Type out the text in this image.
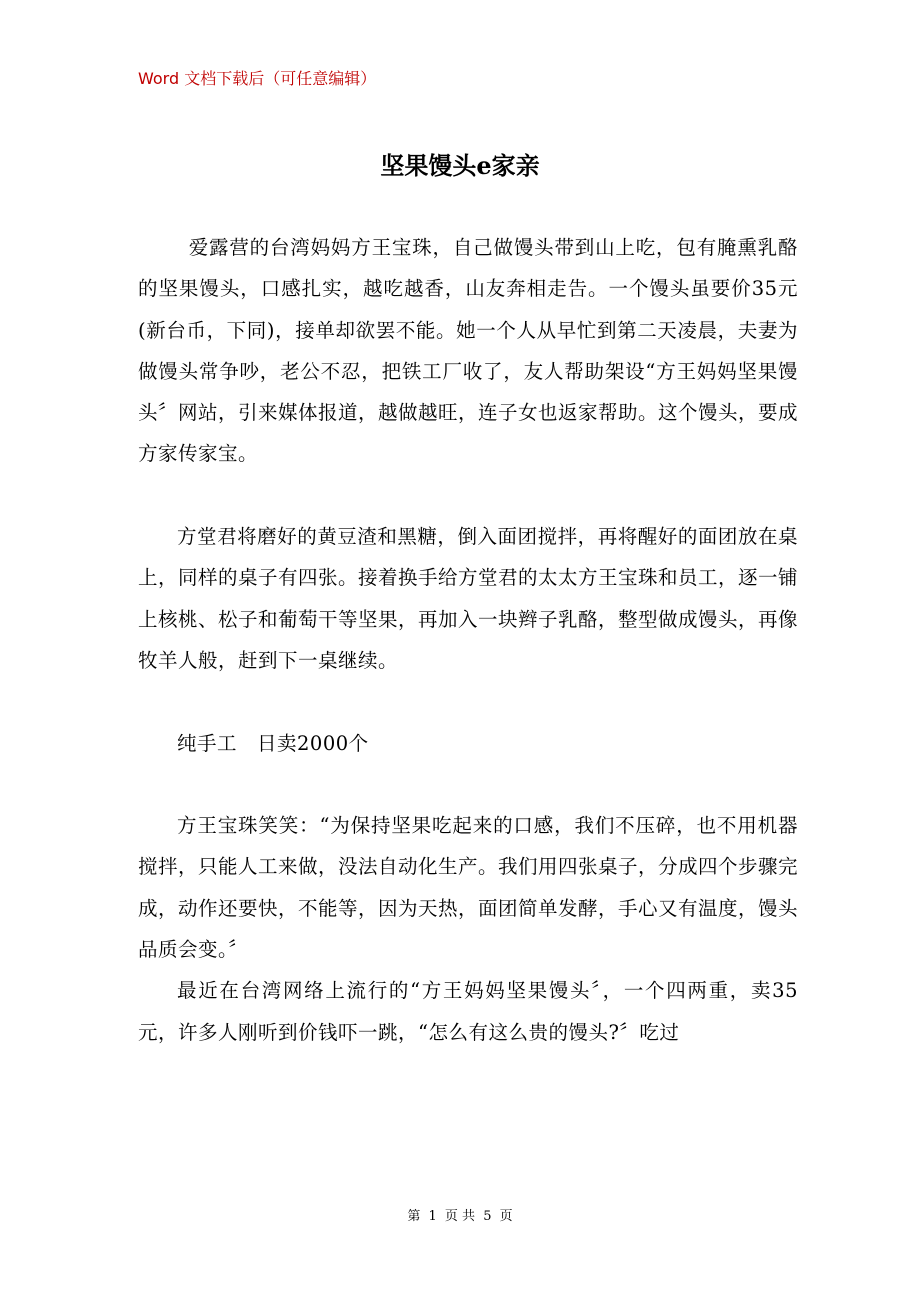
Word 文档下载后（可任意编辑）
坚果馒头e家亲

爱露营的台湾妈妈方王宝珠，自己做馒头带到山上吃，包有腌熏乳酪的坚果馒头，口感扎实，越吃越香，山友奔相走告。一个馒头虽要价35元(新台币，下同)，接单却欲罢不能。她一个人从早忙到第二天凌晨，夫妻为做馒头常争吵，老公不忍，把铁工厂收了，友人帮助架设“方王妈妈坚果馒头〞网站，引来媒体报道，越做越旺，连子女也返家帮助。这个馒头，要成方家传家宝。

方堂君将磨好的黄豆渣和黑糖，倒入面团搅拌，再将醒好的面团放在桌上，同样的桌子有四张。接着换手给方堂君的太太方王宝珠和员工，逐一铺上核桃、松子和葡萄干等坚果，再加入一块辫子乳酪，整型做成馒头，再像牧羊人般，赶到下一桌继续。

纯手工　日卖2000个

方王宝珠笑笑：“为保持坚果吃起来的口感，我们不压碎，也不用机器搅拌，只能人工来做，没法自动化生产。我们用四张桌子，分成四个步骤完成，动作还要快，不能等，因为天热，面团简单发酵，手心又有温度，馒头品质会变。〞

最近在台湾网络上流行的“方王妈妈坚果馒头〞，一个四两重，卖35元，许多人刚听到价钱吓一跳，“怎么有这么贵的馒头?〞吃过

第 1 页 共 5 页
